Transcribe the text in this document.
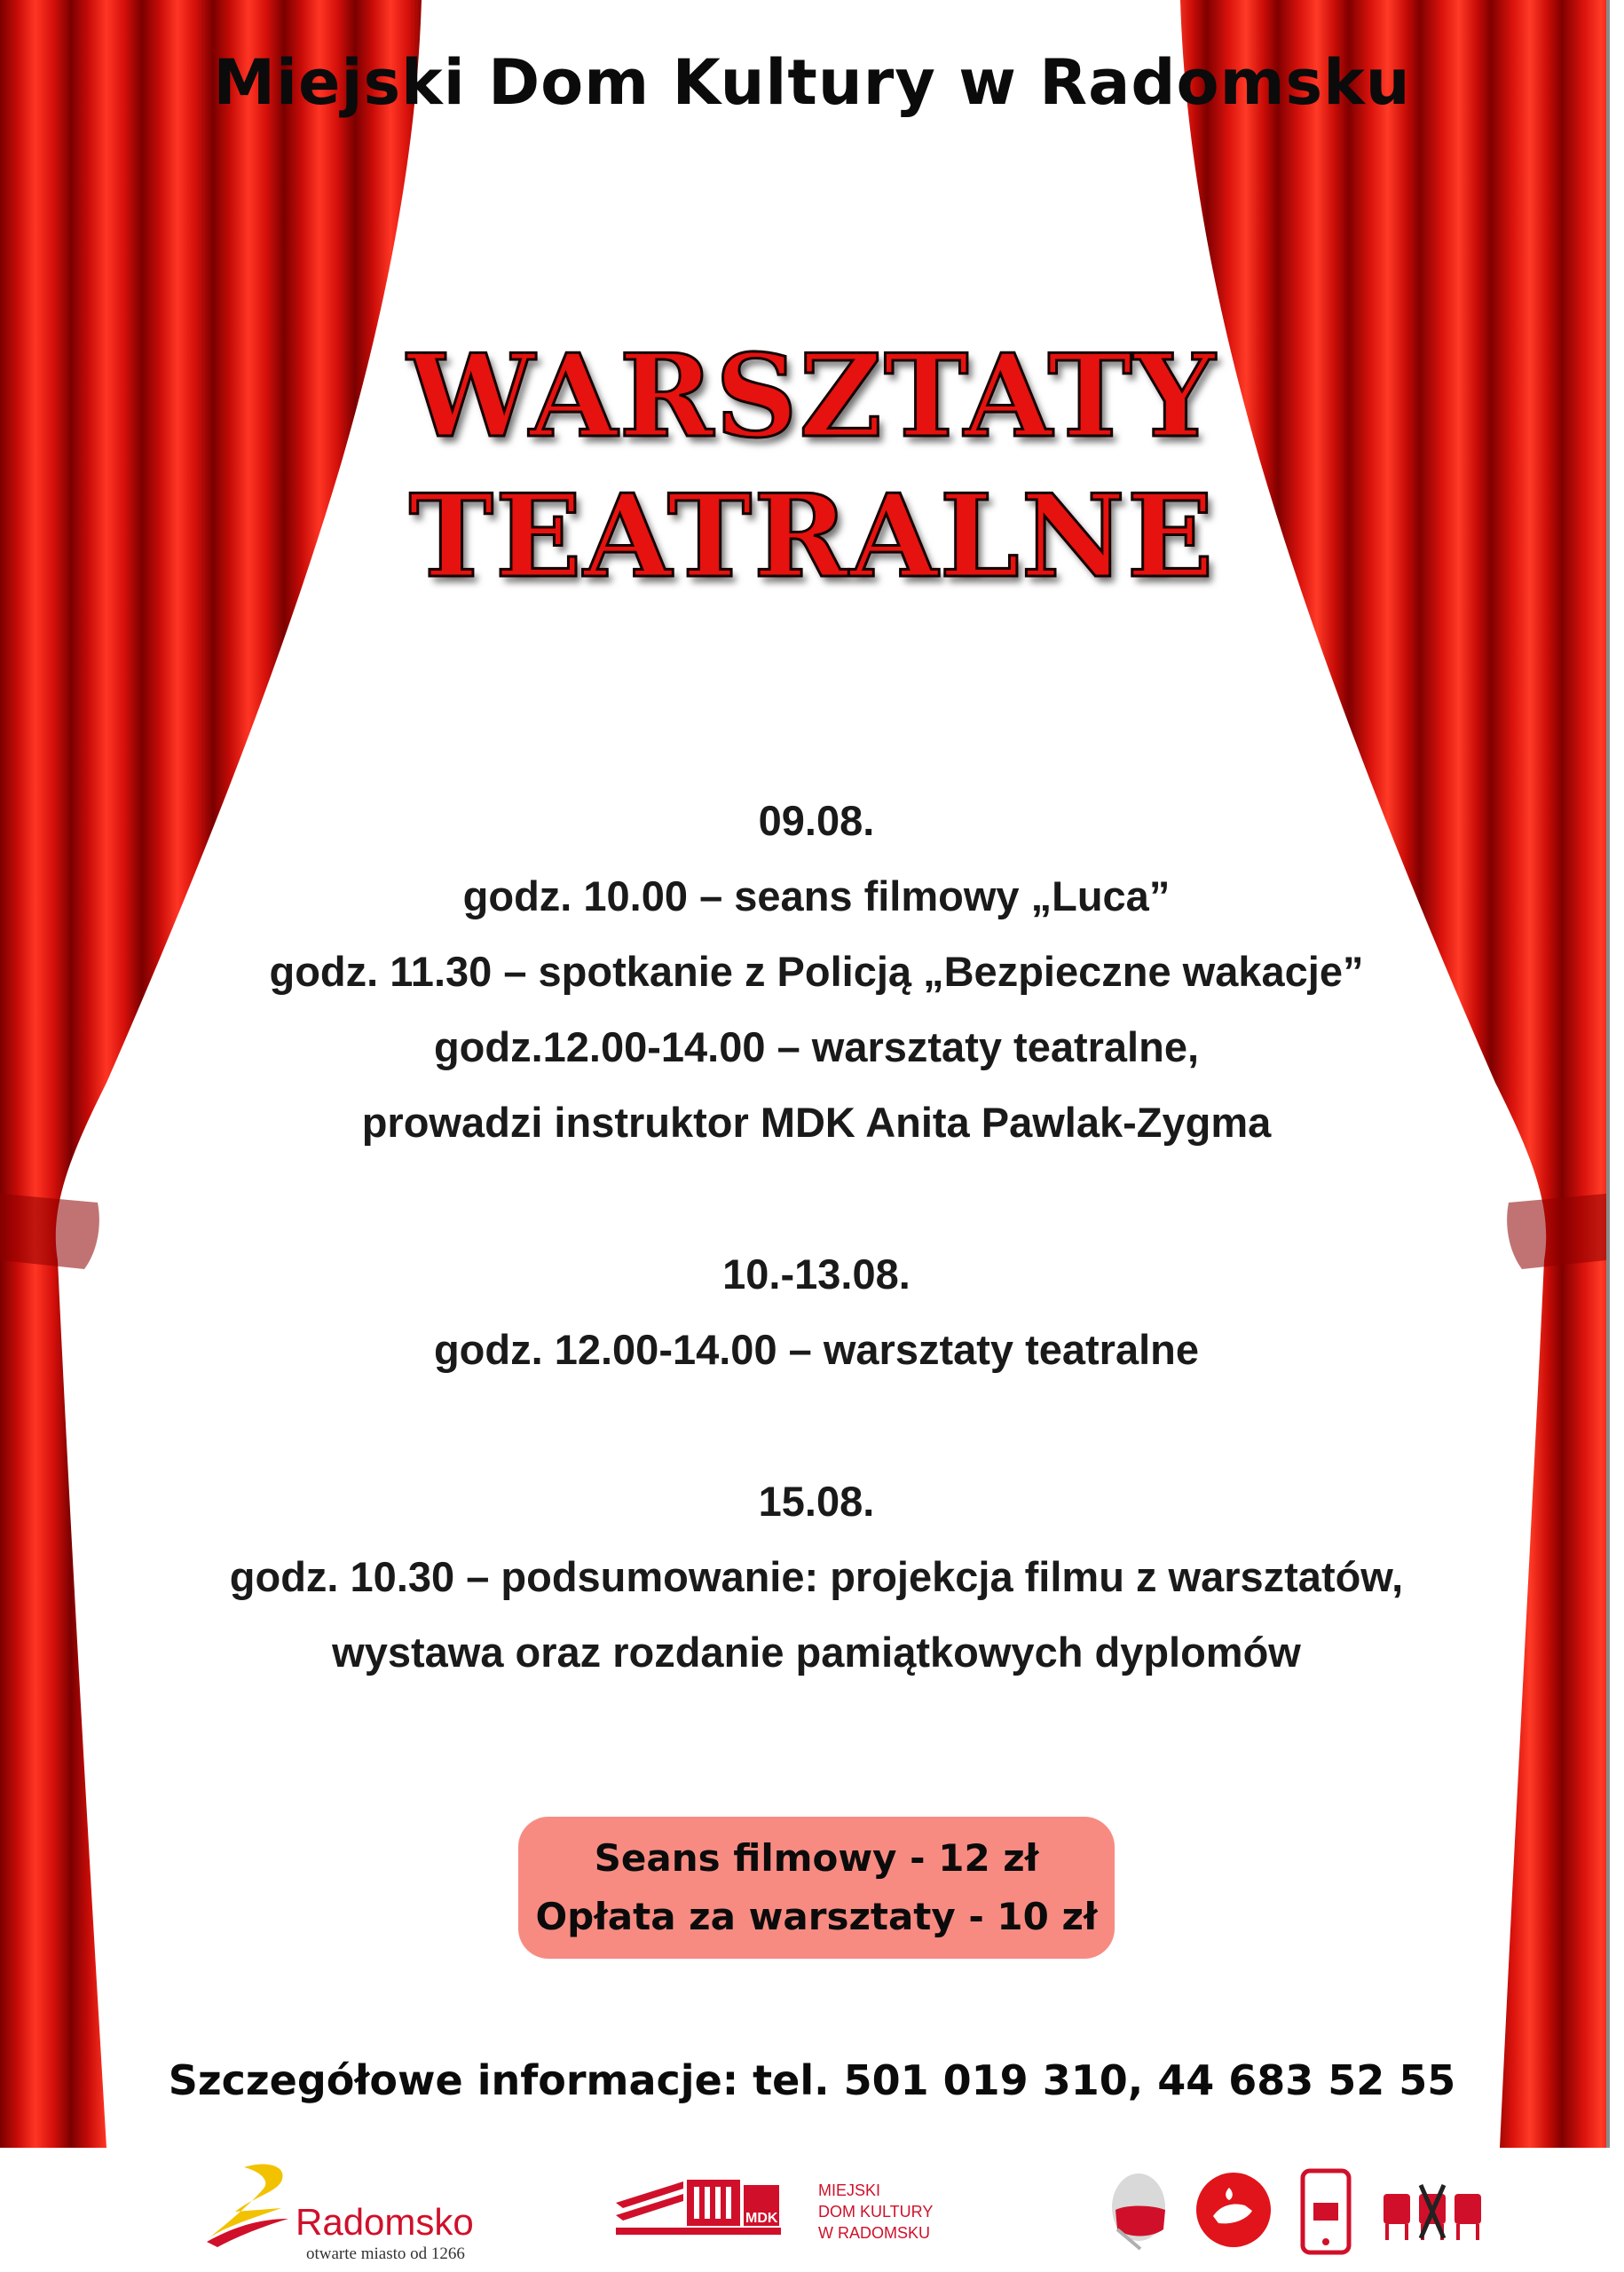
Miejski Dom Kultury w Radomsku
WARSZTATY
TEATRALNE
09.08.
godz. 10.00 – seans filmowy „Luca”
godz. 11.30 – spotkanie z Policją „Bezpieczne wakacje”
godz.12.00-14.00 – warsztaty teatralne,
prowadzi instruktor MDK Anita Pawlak-Zygma
10.-13.08.
godz. 12.00-14.00 – warsztaty teatralne
15.08.
godz. 10.30 – podsumowanie: projekcja filmu z warsztatów,
wystawa oraz rozdanie pamiątkowych dyplomów
Seans filmowy - 12 zł
Opłata za warsztaty - 10 zł
Szczegółowe informacje: tel. 501 019 310, 44 683 52 55
Radomsko
otwarte miasto od 1266
MDK
MIEJSKI
DOM KULTURY
W RADOMSKU
